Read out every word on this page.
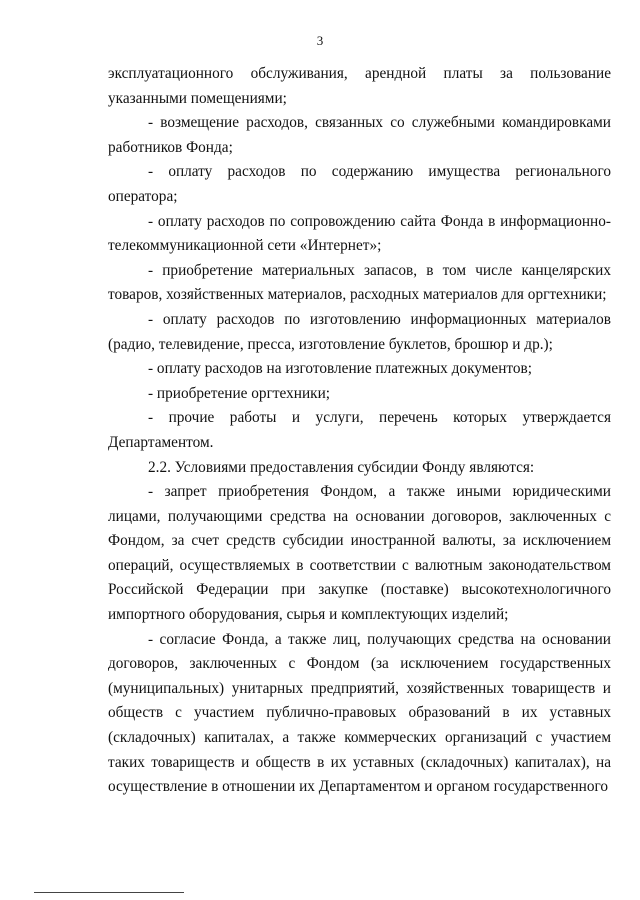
3

эксплуатационного обслуживания, арендной платы за пользование указанными помещениями;

- возмещение расходов, связанных со служебными командировками работников Фонда;

- оплату расходов по содержанию имущества регионального оператора;

- оплату расходов по сопровождению сайта Фонда в информационно-телекоммуникационной сети «Интернет»;

- приобретение материальных запасов, в том числе канцелярских товаров, хозяйственных материалов, расходных материалов для оргтехники;

- оплату расходов по изготовлению информационных материалов (радио, телевидение, пресса, изготовление буклетов, брошюр и др.);

- оплату расходов на изготовление платежных документов;

- приобретение оргтехники;

- прочие работы и услуги, перечень которых утверждается Департаментом.

2.2. Условиями предоставления субсидии Фонду являются:

- запрет приобретения Фондом, а также иными юридическими лицами, получающими средства на основании договоров, заключенных с Фондом, за счет средств субсидии иностранной валюты, за исключением операций, осуществляемых в соответствии с валютным законодательством Российской Федерации при закупке (поставке) высокотехнологичного импортного оборудования, сырья и комплектующих изделий;

- согласие Фонда, а также лиц, получающих средства на основании договоров, заключенных с Фондом (за исключением государственных (муниципальных) унитарных предприятий, хозяйственных товариществ и обществ с участием публично-правовых образований в их уставных (складочных) капиталах, а также коммерческих организаций с участием таких товариществ и обществ в их уставных (складочных) капиталах), на осуществление в отношении их Департаментом и органом государственного
